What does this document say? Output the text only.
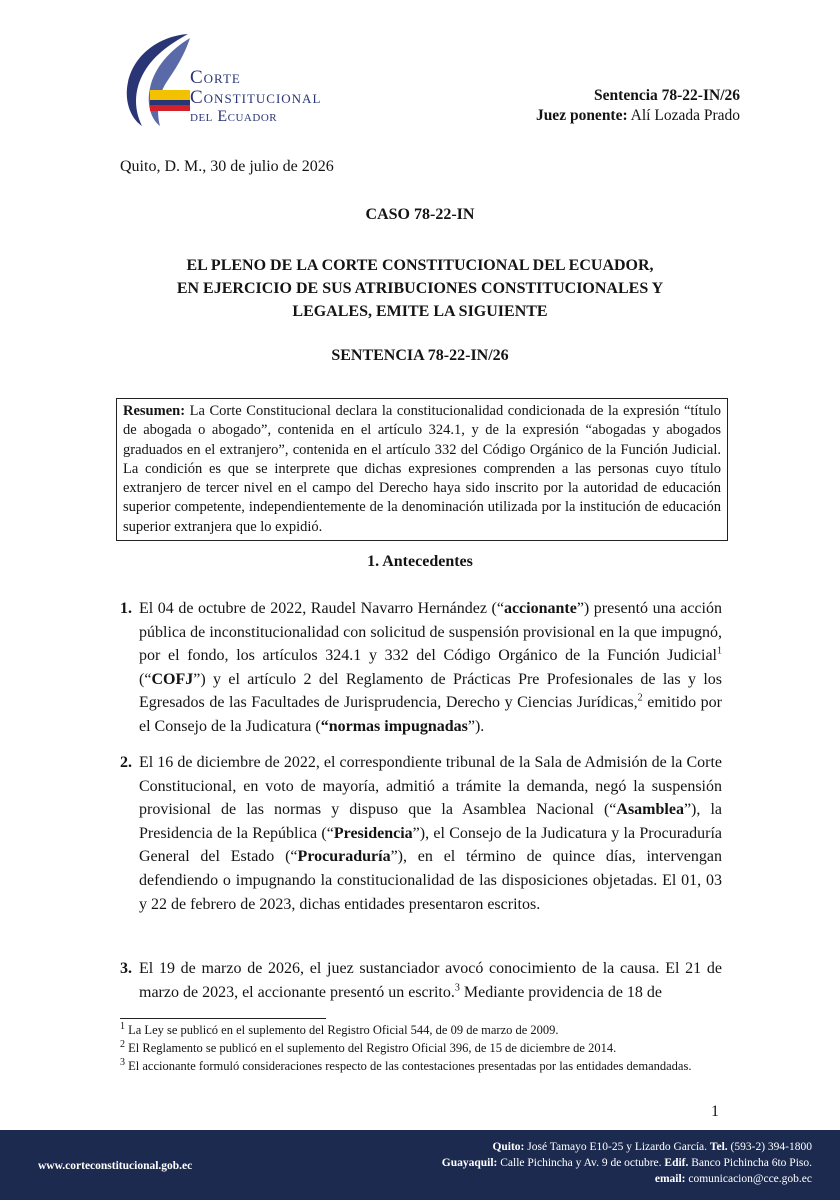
Corte
Constitucional
del Ecuador
Sentencia 78-22-IN/26
Juez ponente: Alí Lozada Prado
Quito, D. M., 30 de julio de 2026
CASO 78-22-IN
EL PLENO DE LA CORTE CONSTITUCIONAL DEL ECUADOR,
EN EJERCICIO DE SUS ATRIBUCIONES CONSTITUCIONALES Y
LEGALES, EMITE LA SIGUIENTE
SENTENCIA 78-22-IN/26
Resumen: La Corte Constitucional declara la constitucionalidad condicionada de la expresión “título de abogada o abogado”, contenida en el artículo 324.1, y de la expresión “abogadas y abogados graduados en el extranjero”, contenida en el artículo 332 del Código Orgánico de la Función Judicial. La condición es que se interprete que dichas expresiones comprenden a las personas cuyo título extranjero de tercer nivel en el campo del Derecho haya sido inscrito por la autoridad de educación superior competente, independientemente de la denominación utilizada por la institución de educación superior extranjera que lo expidió.
1. Antecedentes
1. El 04 de octubre de 2022, Raudel Navarro Hernández (“accionante”) presentó una acción pública de inconstitucionalidad con solicitud de suspensión provisional en la que impugnó, por el fondo, los artículos 324.1 y 332 del Código Orgánico de la Función Judicial$^1$ (“COFJ”) y el artículo 2 del Reglamento de Prácticas Pre Profesionales de las y los Egresados de las Facultades de Jurisprudencia, Derecho y Ciencias Jurídicas,$^2$ emitido por el Consejo de la Judicatura (“normas impugnadas”).
2. El 16 de diciembre de 2022, el correspondiente tribunal de la Sala de Admisión de la Corte Constitucional, en voto de mayoría, admitió a trámite la demanda, negó la suspensión provisional de las normas y dispuso que la Asamblea Nacional (“Asamblea”), la Presidencia de la República (“Presidencia”), el Consejo de la Judicatura y la Procuraduría General del Estado (“Procuraduría”), en el término de quince días, intervengan defendiendo o impugnando la constitucionalidad de las disposiciones objetadas. El 01, 03 y 22 de febrero de 2023, dichas entidades presentaron escritos.
3. El 19 de marzo de 2026, el juez sustanciador avocó conocimiento de la causa. El 21 de marzo de 2023, el accionante presentó un escrito.$^3$ Mediante providencia de 18 de
$^1$ La Ley se publicó en el suplemento del Registro Oficial 544, de 09 de marzo de 2009.
$^2$ El Reglamento se publicó en el suplemento del Registro Oficial 396, de 15 de diciembre de 2014.
$^3$ El accionante formuló consideraciones respecto de las contestaciones presentadas por las entidades demandadas.
1
www.corteconstitucional.gob.ec
Quito: José Tamayo E10-25 y Lizardo García. Tel. (593-2) 394-1800
Guayaquil: Calle Pichincha y Av. 9 de octubre. Edif. Banco Pichincha 6to Piso.
email: comunicacion@cce.gob.ec
